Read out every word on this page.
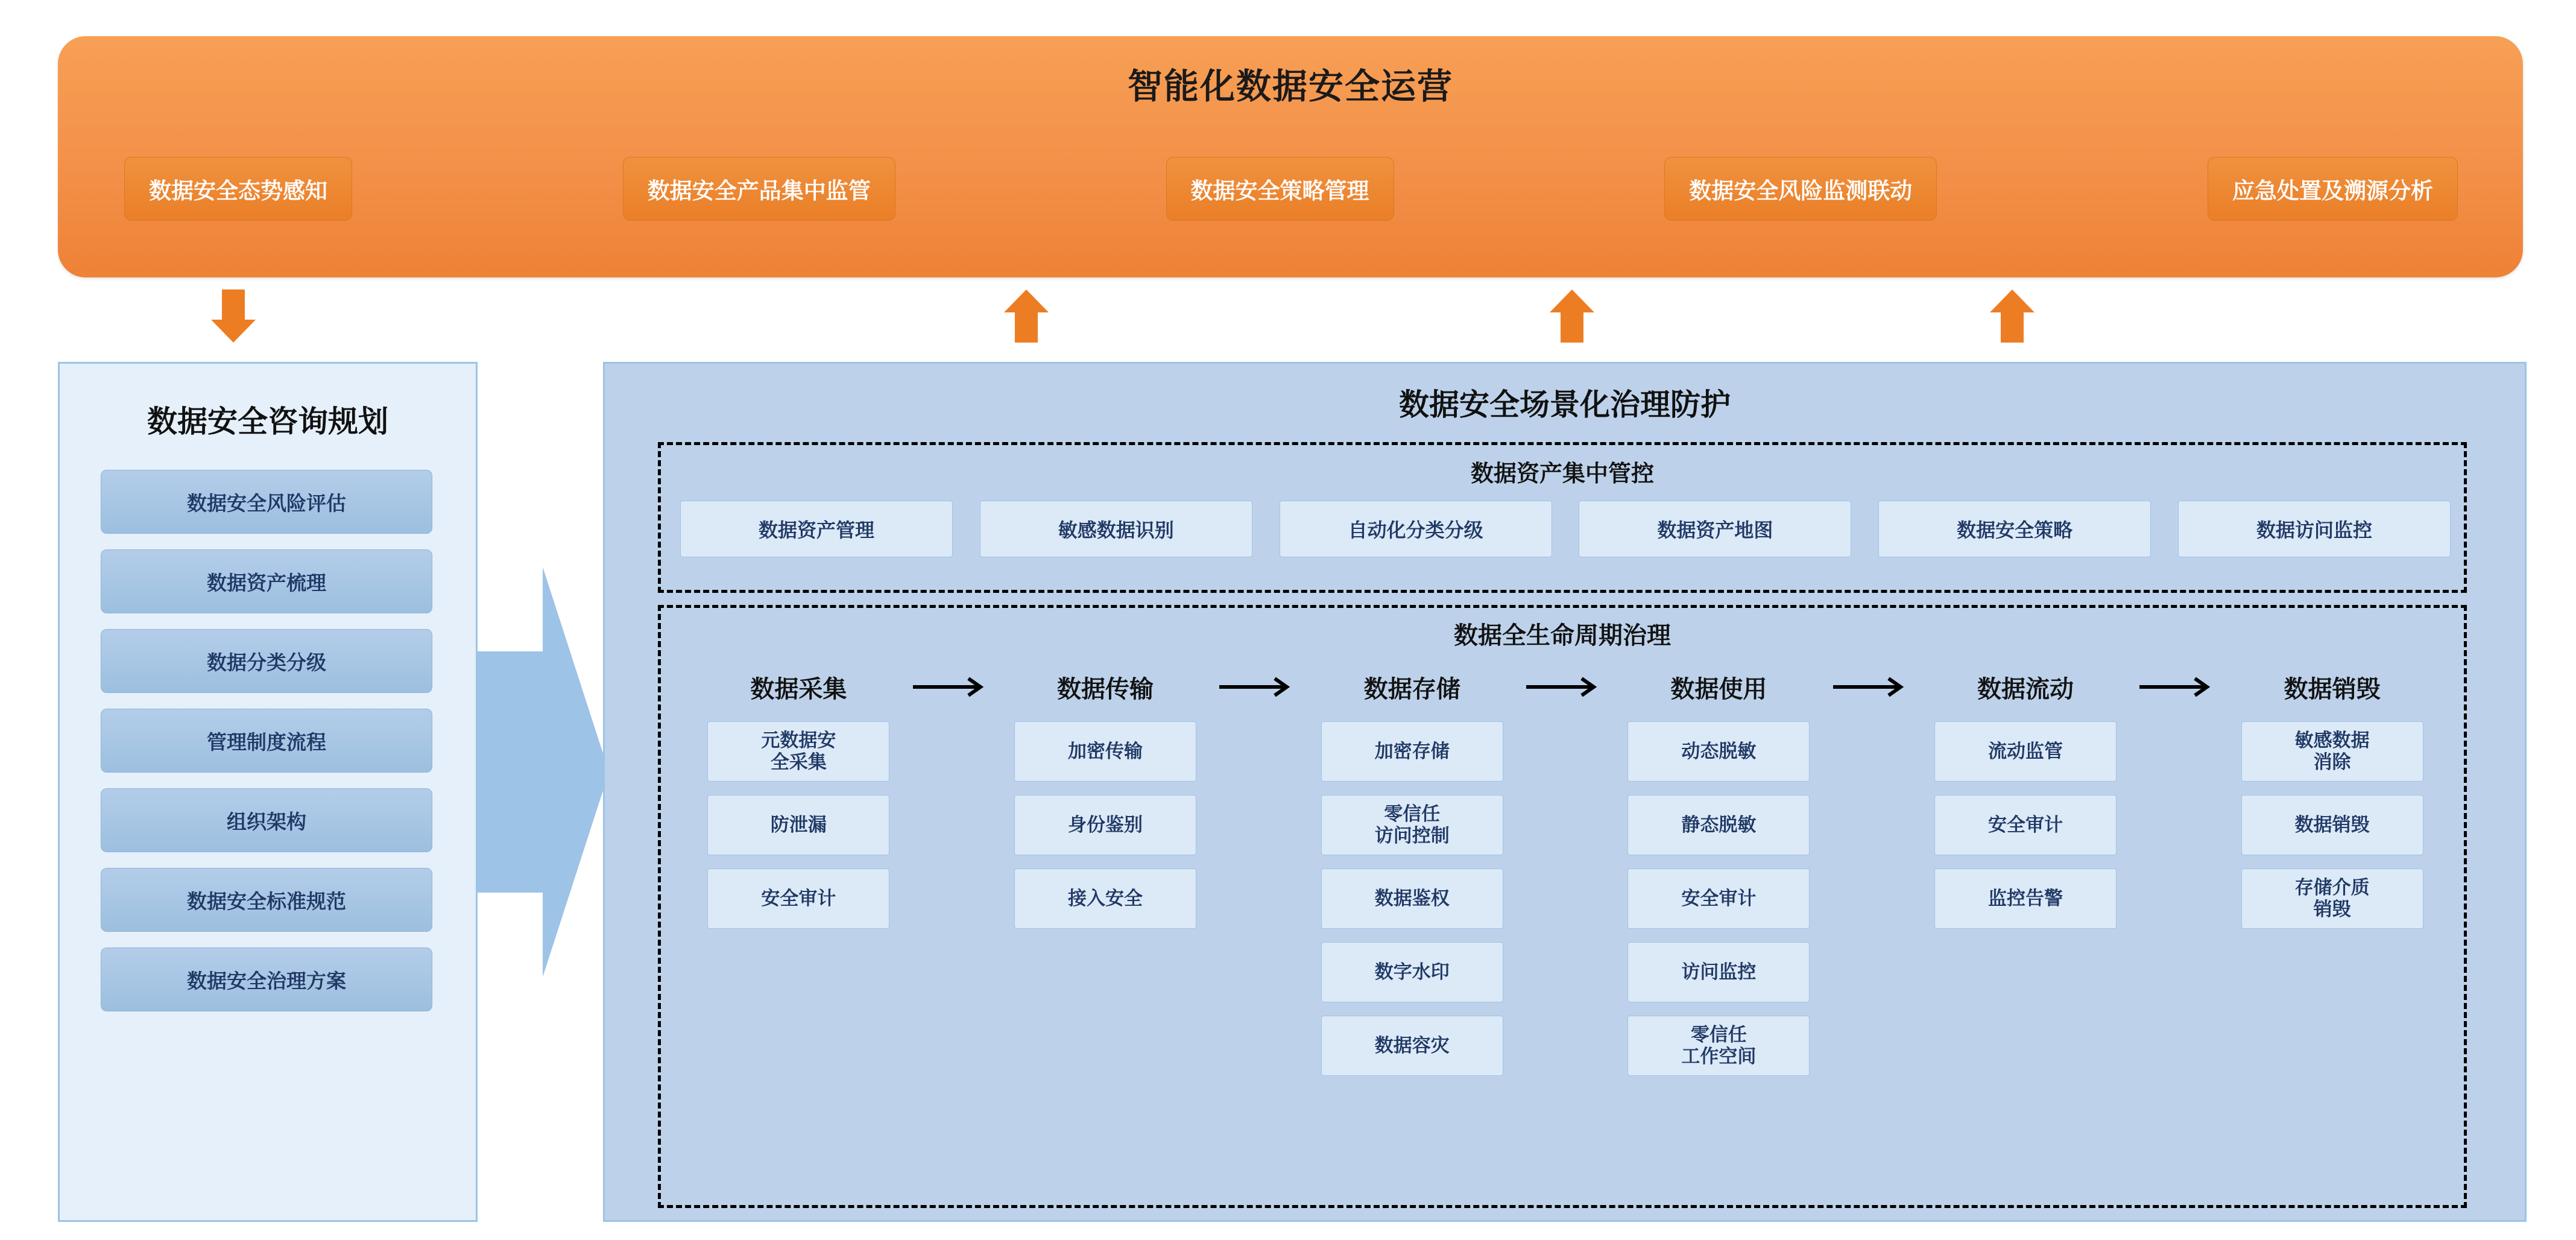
智能化数据安全运营
数据安全态势感知	数据安全产品集中监管	数据安全策略管理	数据安全风险监测联动	应急处置及溯源分析
数据安全咨询规划
数据安全风险评估
数据资产梳理
数据分类分级
管理制度流程
组织架构
数据安全标准规范
数据安全治理方案
数据安全场景化治理防护
数据资产集中管控
数据资产管理	敏感数据识别	自动化分类分级	数据资产地图	数据安全策略	数据访问监控
数据全生命周期治理
数据采集
元数据安
全采集
防泄漏
安全审计
数据传输
加密传输
身份鉴别
接入安全
数据存储
加密存储
零信任
访问控制
数据鉴权
数字水印
数据容灾
数据使用
动态脱敏
静态脱敏
安全审计
访问监控
零信任
工作空间
数据流动
流动监管
安全审计
监控告警
数据销毁
敏感数据
消除
数据销毁
存储介质
销毁
